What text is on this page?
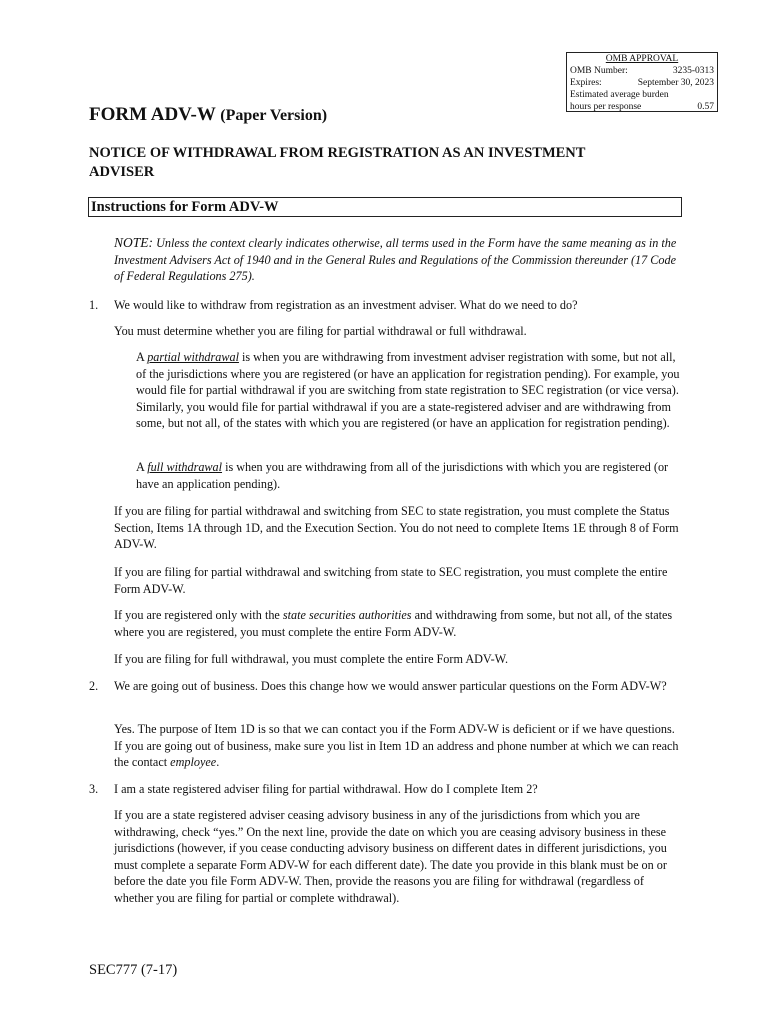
OMB APPROVAL
OMB Number:	3235-0313
Expires:	September 30, 2023
Estimated average burden
hours per response	0.57
FORM ADV-W (Paper Version)
NOTICE OF WITHDRAWAL FROM REGISTRATION AS AN INVESTMENT ADVISER
Instructions for Form ADV-W
NOTE: Unless the context clearly indicates otherwise, all terms used in the Form have the same meaning as in the Investment Advisers Act of 1940 and in the General Rules and Regulations of the Commission thereunder (17 Code of Federal Regulations 275).
1. We would like to withdraw from registration as an investment adviser. What do we need to do?
You must determine whether you are filing for partial withdrawal or full withdrawal.
A partial withdrawal is when you are withdrawing from investment adviser registration with some, but not all, of the jurisdictions where you are registered (or have an application for registration pending). For example, you would file for partial withdrawal if you are switching from state registration to SEC registration (or vice versa). Similarly, you would file for partial withdrawal if you are a state-registered adviser and are withdrawing from some, but not all, of the states with which you are registered (or have an application for registration pending).
A full withdrawal is when you are withdrawing from all of the jurisdictions with which you are registered (or have an application pending).
If you are filing for partial withdrawal and switching from SEC to state registration, you must complete the Status Section, Items 1A through 1D, and the Execution Section. You do not need to complete Items 1E through 8 of Form ADV-W.
If you are filing for partial withdrawal and switching from state to SEC registration, you must complete the entire Form ADV-W.
If you are registered only with the state securities authorities and withdrawing from some, but not all, of the states where you are registered, you must complete the entire Form ADV-W.
If you are filing for full withdrawal, you must complete the entire Form ADV-W.
2. We are going out of business. Does this change how we would answer particular questions on the Form ADV-W?
Yes. The purpose of Item 1D is so that we can contact you if the Form ADV-W is deficient or if we have questions. If you are going out of business, make sure you list in Item 1D an address and phone number at which we can reach the contact employee.
3. I am a state registered adviser filing for partial withdrawal. How do I complete Item 2?
If you are a state registered adviser ceasing advisory business in any of the jurisdictions from which you are withdrawing, check “yes.” On the next line, provide the date on which you are ceasing advisory business in these jurisdictions (however, if you cease conducting advisory business on different dates in different jurisdictions, you must complete a separate Form ADV-W for each different date). The date you provide in this blank must be on or before the date you file Form ADV-W. Then, provide the reasons you are filing for withdrawal (regardless of whether you are filing for partial or complete withdrawal).
SEC777 (7-17)
